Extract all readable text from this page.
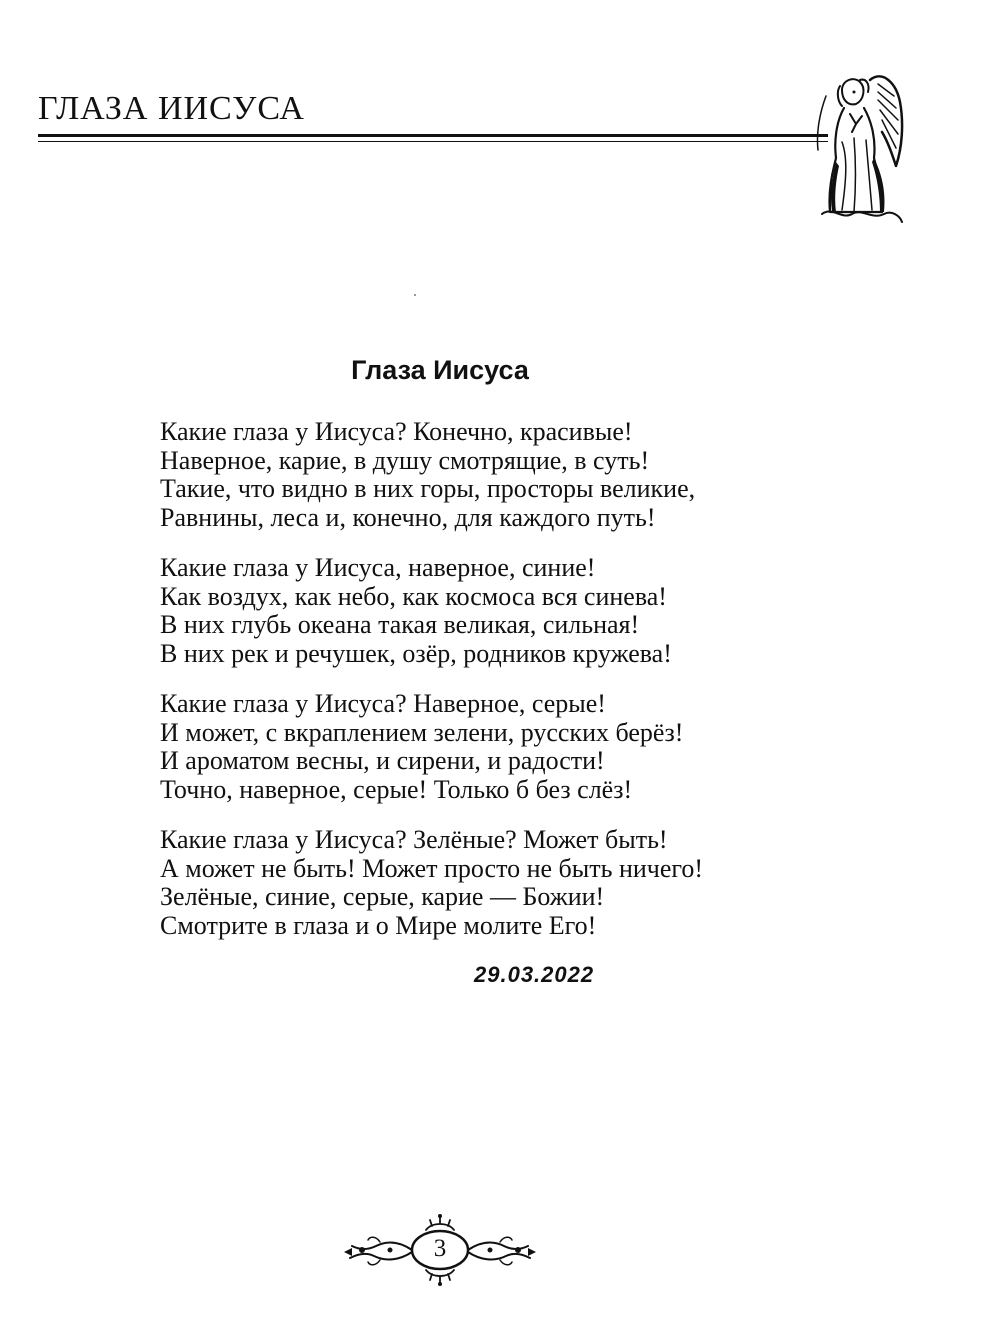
ГЛАЗА ИИСУСА
Глаза Иисуса
Какие глаза у Иисуса? Конечно, красивые!
Наверное, карие, в душу смотрящие, в суть!
Такие, что видно в них горы, просторы великие,
Равнины, леса и, конечно, для каждого путь!
Какие глаза у Иисуса, наверное, синие!
Как воздух, как небо, как космоса вся синева!
В них глубь океана такая великая, сильная!
В них рек и речушек, озёр, родников кружева!
Какие глаза у Иисуса? Наверное, серые!
И может, с вкраплением зелени, русских берёз!
И ароматом весны, и сирени, и радости!
Точно, наверное, серые! Только б без слёз!
Какие глаза у Иисуса? Зелёные? Может быть!
А может не быть! Может просто не быть ничего!
Зелёные, синие, серые, карие — Божии!
Смотрите в глаза и о Мире молите Его!
29.03.2022
3
